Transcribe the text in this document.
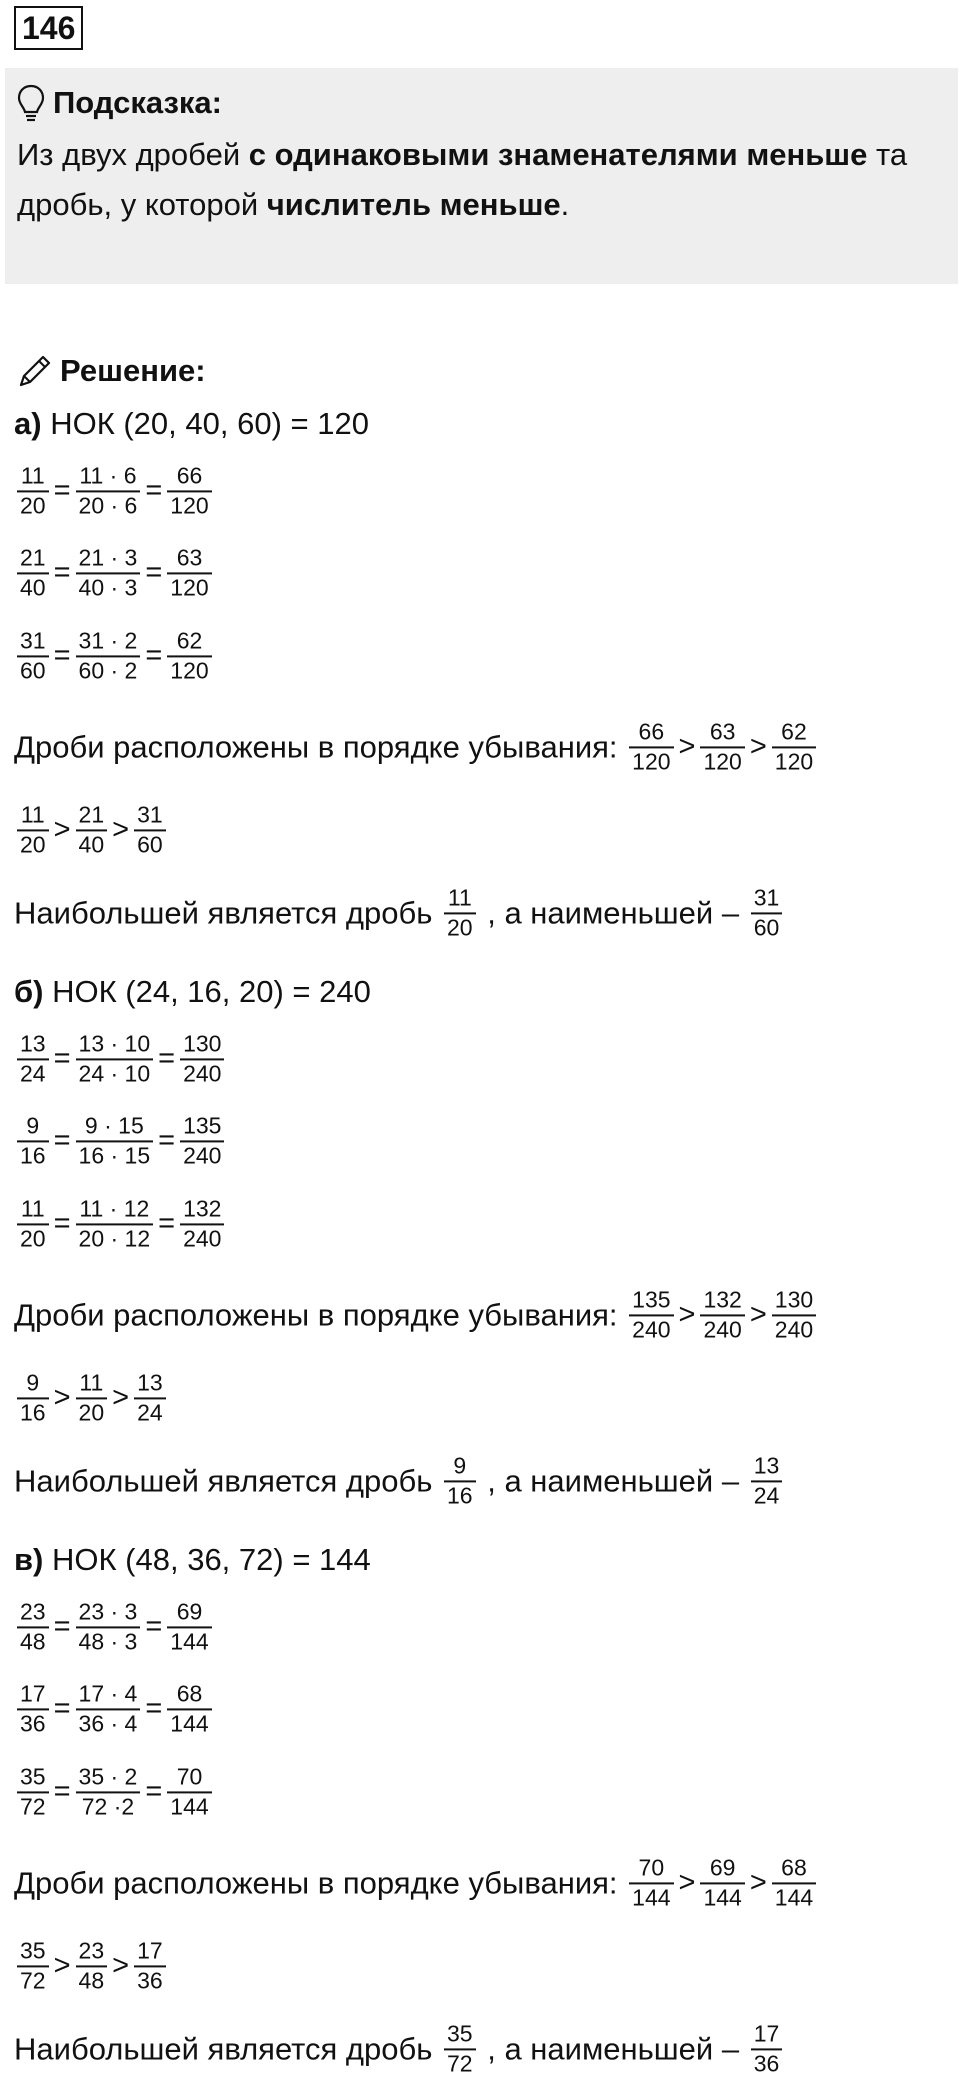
146
Подсказка:
Из двух дробей с одинаковыми знаменателями меньше та дробь, у которой числитель меньше.
Решение:
а) НОК (20, 40, 60) = 120
$\frac{11}{20} = \frac{11 \cdot 6}{20 \cdot 6} = \frac{66}{120}$
$\frac{21}{40} = \frac{21 \cdot 3}{40 \cdot 3} = \frac{63}{120}$
$\frac{31}{60} = \frac{31 \cdot 2}{60 \cdot 2} = \frac{62}{120}$
Дроби расположены в порядке убывания: $\frac{66}{120} > \frac{63}{120} > \frac{62}{120}$
$\frac{11}{20} > \frac{21}{40} > \frac{31}{60}$
Наибольшей является дробь $\frac{11}{20}$ , а наименьшей – $\frac{31}{60}$
б) НОК (24, 16, 20) = 240
$\frac{13}{24} = \frac{13 \cdot 10}{24 \cdot 10} = \frac{130}{240}$
$\frac{9}{16} = \frac{9 \cdot 15}{16 \cdot 15} = \frac{135}{240}$
$\frac{11}{20} = \frac{11 \cdot 12}{20 \cdot 12} = \frac{132}{240}$
Дроби расположены в порядке убывания: $\frac{135}{240} > \frac{132}{240} > \frac{130}{240}$
$\frac{9}{16} > \frac{11}{20} > \frac{13}{24}$
Наибольшей является дробь $\frac{9}{16}$ , а наименьшей – $\frac{13}{24}$
в) НОК (48, 36, 72) = 144
$\frac{23}{48} = \frac{23 \cdot 3}{48 \cdot 3} = \frac{69}{144}$
$\frac{17}{36} = \frac{17 \cdot 4}{36 \cdot 4} = \frac{68}{144}$
$\frac{35}{72} = \frac{35 \cdot 2}{72 \cdot 2} = \frac{70}{144}$
Дроби расположены в порядке убывания: $\frac{70}{144} > \frac{69}{144} > \frac{68}{144}$
$\frac{35}{72} > \frac{23}{48} > \frac{17}{36}$
Наибольшей является дробь $\frac{35}{72}$ , а наименьшей – $\frac{17}{36}$
